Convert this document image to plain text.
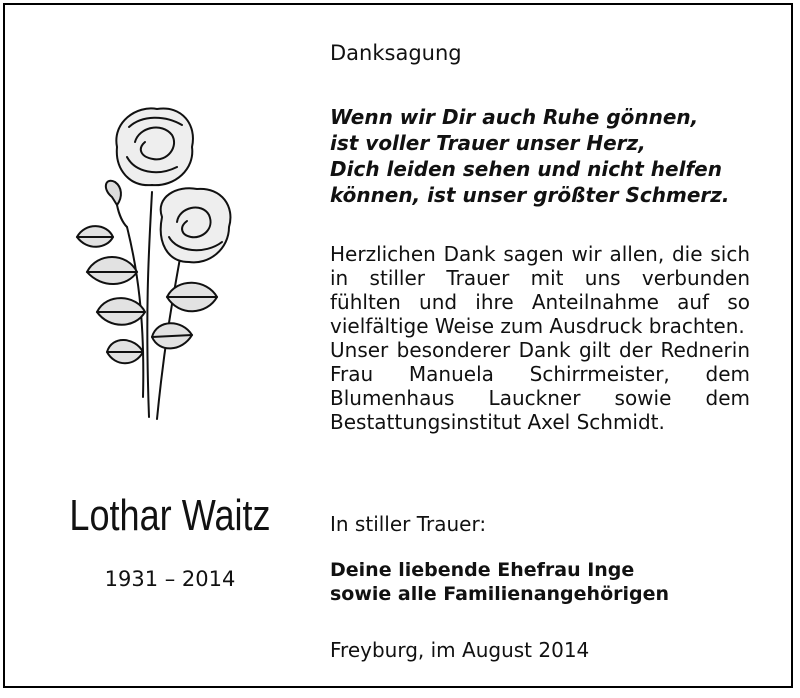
Lothar Waitz
1931 – 2014
Danksagung
Wenn wir Dir auch Ruhe gönnen,
ist voller Trauer unser Herz,
Dich leiden sehen und nicht helfen
können, ist unser größter Schmerz.

Herzlichen Dank sagen wir allen, die sich in stiller Trauer mit uns verbunden fühlten und ihre Anteilnahme auf so vielfältige Weise zum Ausdruck brachten.

Unser besonderer Dank gilt der Rednerin Frau Manuela Schirrmeister, dem Blumenhaus Lauckner sowie dem Bestattungsinstitut Axel Schmidt.

In stiller Trauer:
Deine liebende Ehefrau Inge
sowie alle Familienangehörigen
Freyburg, im August 2014
